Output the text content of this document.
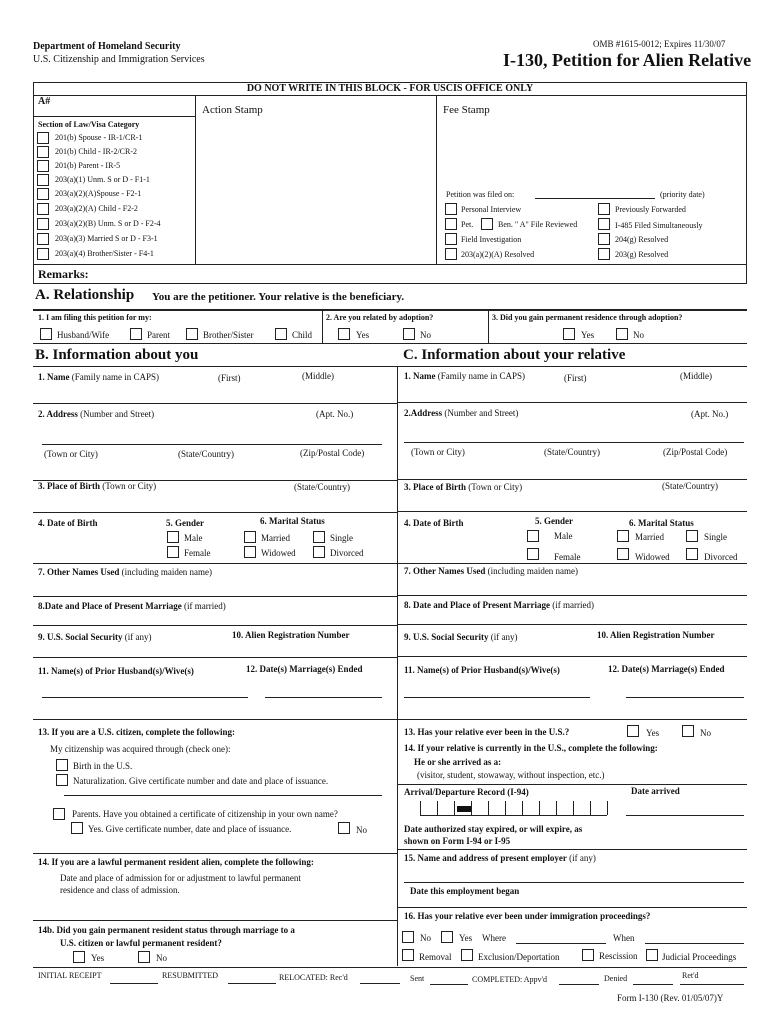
Department of Homeland Security
U.S. Citizenship and Immigration Services
OMB #1615-0012; Expires 11/30/07
I-130, Petition for Alien Relative
DO NOT WRITE IN THIS BLOCK - FOR USCIS OFFICE ONLY
A#
Action Stamp	Fee Stamp
Section of Law/Visa Category
201(b) Spouse - IR-1/CR-1
201(b) Child - IR-2/CR-2
201(b) Parent - IR-5
203(a)(1) Unm. S or D - F1-1
203(a)(2)(A)Spouse - F2-1
203(a)(2)(A) Child - F2-2
203(a)(2)(B) Unm. S or D - F2-4
203(a)(3) Married S or D - F3-1
203(a)(4) Brother/Sister - F4-1
Petition was filed on:	(priority date)
Personal Interview
Pet.	Ben. " A" File Reviewed
Field Investigation
203(a)(2)(A) Resolved
Previously Forwarded
I-485 Filed Simultaneously
204(g) Resolved
203(g) Resolved
Remarks:
A. Relationship You are the petitioner. Your relative is the beneficiary.
1. I am filing this petition for my:	2. Are you related by adoption?	3. Did you gain permanent residence through adoption?
Husband/Wife	Parent	Brother/Sister	Child	Yes	No	Yes	No
B. Information about you	C. Information about your relative
1. Name (Family name in CAPS)	(First)	(Middle)
2. Address (Number and Street)	(Apt. No.)
(Town or City)	(State/Country)	(Zip/Postal Code)
3. Place of Birth (Town or City)	(State/Country)
4. Date of Birth	5. Gender	6. Marital Status
Male
Female
Married	Single
Widowed	Divorced
7. Other Names Used (including maiden name)
8.Date and Place of Present Marriage (if married)
9. U.S. Social Security (if any)	10. Alien Registration Number
11. Name(s) of Prior Husband(s)/Wive(s)	12. Date(s) Marriage(s) Ended
13. If you are a U.S. citizen, complete the following:
My citizenship was acquired through (check one):
Birth in the U.S.
Naturalization. Give certificate number and date and place of issuance.
Parents. Have you obtained a certificate of citizenship in your own name?
Yes. Give certificate number, date and place of issuance.	No
14. If you are a lawful permanent resident alien, complete the following:
Date and place of admission for or adjustment to lawful permanent
residence and class of admission.
14b. Did you gain permanent resident status through marriage to a
U.S. citizen or lawful permanent resident?
Yes	No
1. Name (Family name in CAPS)	(First)	(Middle)
2.Address (Number and Street)	(Apt. No.)
(Town or City)	(State/Country)	(Zip/Postal Code)
3. Place of Birth (Town or City)	(State/Country)
4. Date of Birth	5. Gender	6. Marital Status
Male
Female
Married	Single
Widowed	Divorced
7. Other Names Used (including maiden name)
8. Date and Place of Present Marriage (if married)
9. U.S. Social Security (if any)	10. Alien Registration Number
11. Name(s) of Prior Husband(s)/Wive(s)	12. Date(s) Marriage(s) Ended
13. Has your relative ever been in the U.S.?	Yes	No
14. If your relative is currently in the U.S., complete the following:
He or she arrived as a:
(visitor, student, stowaway, without inspection, etc.)
Arrival/Departure Record (I-94)	Date arrived
Date authorized stay expired, or will expire, as
shown on Form I-94 or I-95
15. Name and address of present employer (if any)
Date this employment began
16. Has your relative ever been under immigration proceedings?
No	Yes Where	When
Removal	Exclusion/Deportation	Rescission	Judicial Proceedings
INITIAL RECEIPT	RESUBMITTED	RELOCATED: Rec'd	Sent	COMPLETED: Appv'd	Denied	Ret'd
Form I-130 (Rev. 01/05/07)Y
